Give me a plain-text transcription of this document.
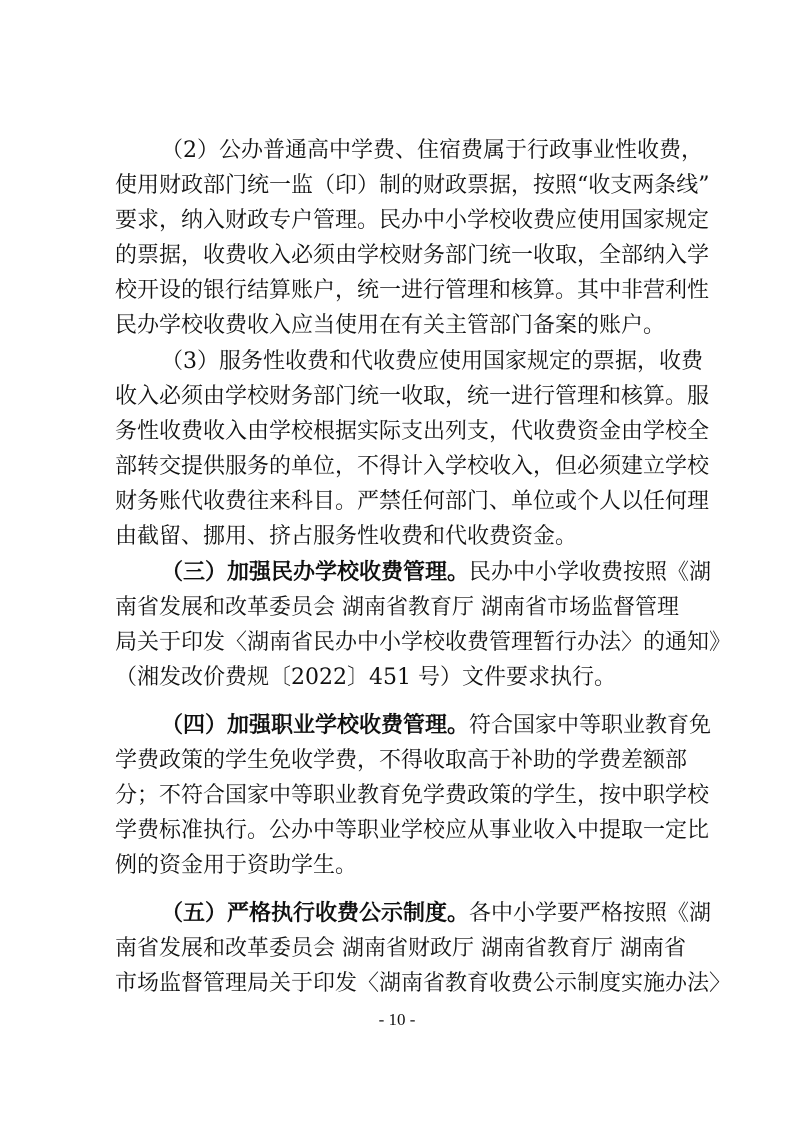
（2）公办普通高中学费、住宿费属于行政事业性收费，
使用财政部门统一监（印）制的财政票据，按照“收支两条线”
要求，纳入财政专户管理。民办中小学校收费应使用国家规定
的票据，收费收入必须由学校财务部门统一收取，全部纳入学
校开设的银行结算账户，统一进行管理和核算。其中非营利性
民办学校收费收入应当使用在有关主管部门备案的账户。
（3）服务性收费和代收费应使用国家规定的票据，收费
收入必须由学校财务部门统一收取，统一进行管理和核算。服
务性收费收入由学校根据实际支出列支，代收费资金由学校全
部转交提供服务的单位，不得计入学校收入，但必须建立学校
财务账代收费往来科目。严禁任何部门、单位或个人以任何理
由截留、挪用、挤占服务性收费和代收费资金。
（三）加强民办学校收费管理。民办中小学收费按照《湖
南省发展和改革委员会 湖南省教育厅 湖南省市场监督管理
局关于印发〈湖南省民办中小学校收费管理暂行办法〉的通知》
（湘发改价费规〔2022〕451 号）文件要求执行。
（四）加强职业学校收费管理。符合国家中等职业教育免
学费政策的学生免收学费，不得收取高于补助的学费差额部
分；不符合国家中等职业教育免学费政策的学生，按中职学校
学费标准执行。公办中等职业学校应从事业收入中提取一定比
例的资金用于资助学生。
（五）严格执行收费公示制度。各中小学要严格按照《湖
南省发展和改革委员会 湖南省财政厅 湖南省教育厅 湖南省
市场监督管理局关于印发〈湖南省教育收费公示制度实施办法〉
- 10 -
